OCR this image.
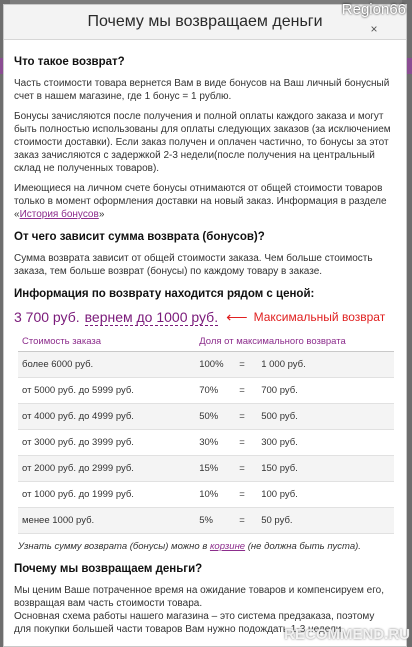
Почему мы возвращаем деньги	×
Что такое возврат?

Часть стоимости товара вернется Вам в виде бонусов на Ваш личный бонусный счет в нашем магазине, где 1 бонус = 1 рублю.

Бонусы зачисляются после получения и полной оплаты каждого заказа и могут быть полностью использованы для оплаты следующих заказов (за исключением стоимости доставки). Если заказ получен и оплачен частично, то бонусы за этот заказ зачисляются с задержкой 2-3 недели(после получения на центральный склад не полученных товаров).

Имеющиеся на личном счете бонусы отнимаются от общей стоимости товаров только в момент оформления доставки на новый заказ. Информация в разделе «История бонусов»

От чего зависит сумма возврата (бонусов)?

Сумма возврата зависит от общей стоимости заказа. Чем больше стоимость заказа, тем больше возврат (бонусы) по каждому товару в заказе.

Информация по возврату находится рядом с ценой:
3 700 руб. вернем до 1000 руб. ⟵ Максимальный возврат
Стоимость заказа	Доля от максимального возврата		
более 6000 руб.	100%	=	1 000 руб.
от 5000 руб. до 5999 руб.	70%	=	700 руб.
от 4000 руб. до 4999 руб.	50%	=	500 руб.
от 3000 руб. до 3999 руб.	30%	=	300 руб.
от 2000 руб. до 2999 руб.	15%	=	150 руб.
от 1000 руб. до 1999 руб.	10%	=	100 руб.
менее 1000 руб.	5%	=	50 руб.

Узнать сумму возврата (бонусы) можно в корзине (не должна быть пуста).

Почему мы возвращаем деньги?

Мы ценим Ваше потраченное время на ожидание товаров и компенсируем его, возвращая вам часть стоимости товара.

Основная схема работы нашего магазина – это система предзаказа, поэтому для покупки большей части товаров Вам нужно подождать 1-3 недели.

Region66
RECOMMEND.RU
